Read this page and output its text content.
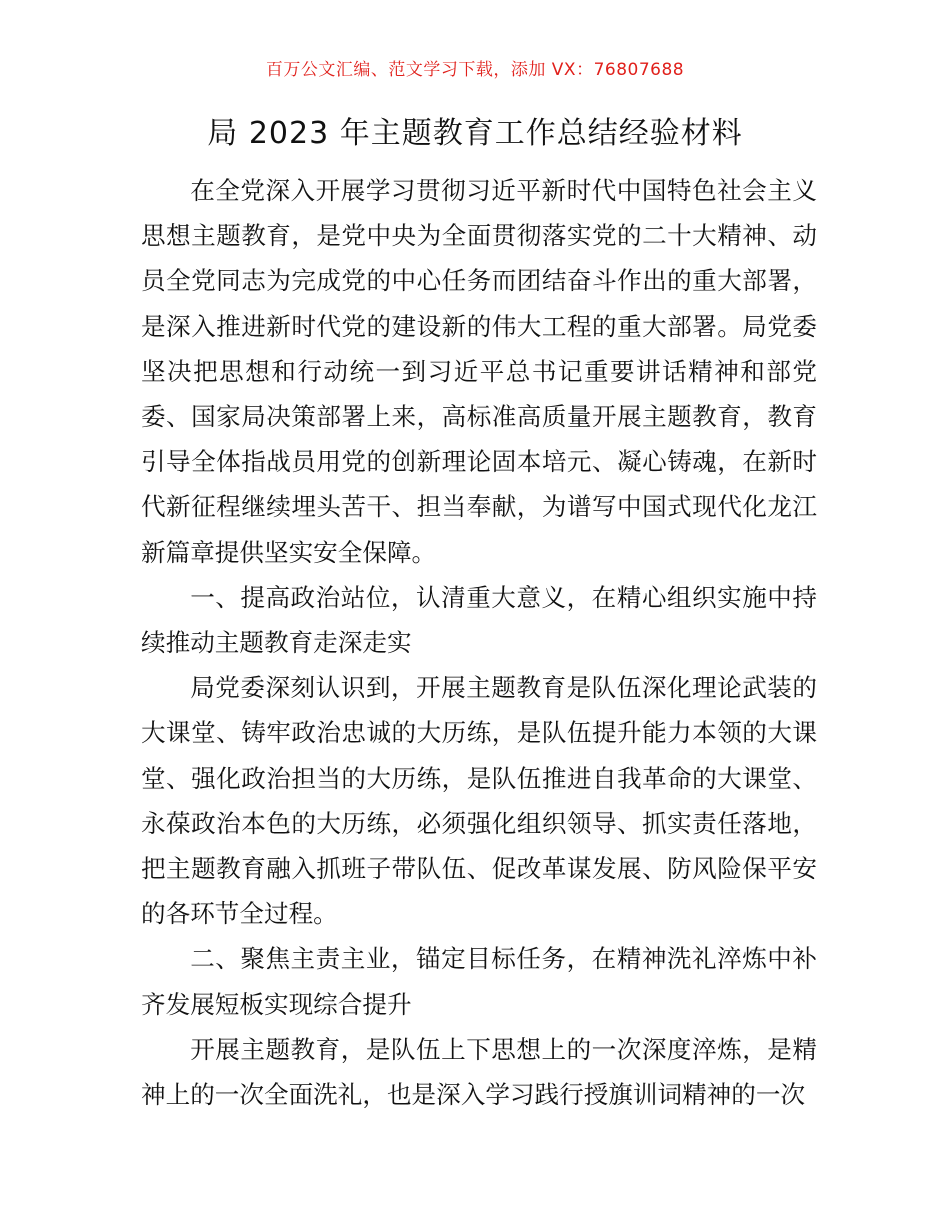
百万公文汇编、范文学习下载，添加 VX：76807688
局 2023 年主题教育工作总结经验材料

在全党深入开展学习贯彻习近平新时代中国特色社会主义思想主题教育，是党中央为全面贯彻落实党的二十大精神、动员全党同志为完成党的中心任务而团结奋斗作出的重大部署，是深入推进新时代党的建设新的伟大工程的重大部署。局党委坚决把思想和行动统一到习近平总书记重要讲话精神和部党委、国家局决策部署上来，高标准高质量开展主题教育，教育引导全体指战员用党的创新理论固本培元、凝心铸魂，在新时代新征程继续埋头苦干、担当奉献，为谱写中国式现代化龙江新篇章提供坚实安全保障。

一、提高政治站位，认清重大意义，在精心组织实施中持续推动主题教育走深走实

局党委深刻认识到，开展主题教育是队伍深化理论武装的大课堂、铸牢政治忠诚的大历练，是队伍提升能力本领的大课堂、强化政治担当的大历练，是队伍推进自我革命的大课堂、永葆政治本色的大历练，必须强化组织领导、抓实责任落地，把主题教育融入抓班子带队伍、促改革谋发展、防风险保平安的各环节全过程。

二、聚焦主责主业，锚定目标任务，在精神洗礼淬炼中补齐发展短板实现综合提升

开展主题教育，是队伍上下思想上的一次深度淬炼，是精神上的一次全面洗礼，也是深入学习践行授旗训词精神的一次
